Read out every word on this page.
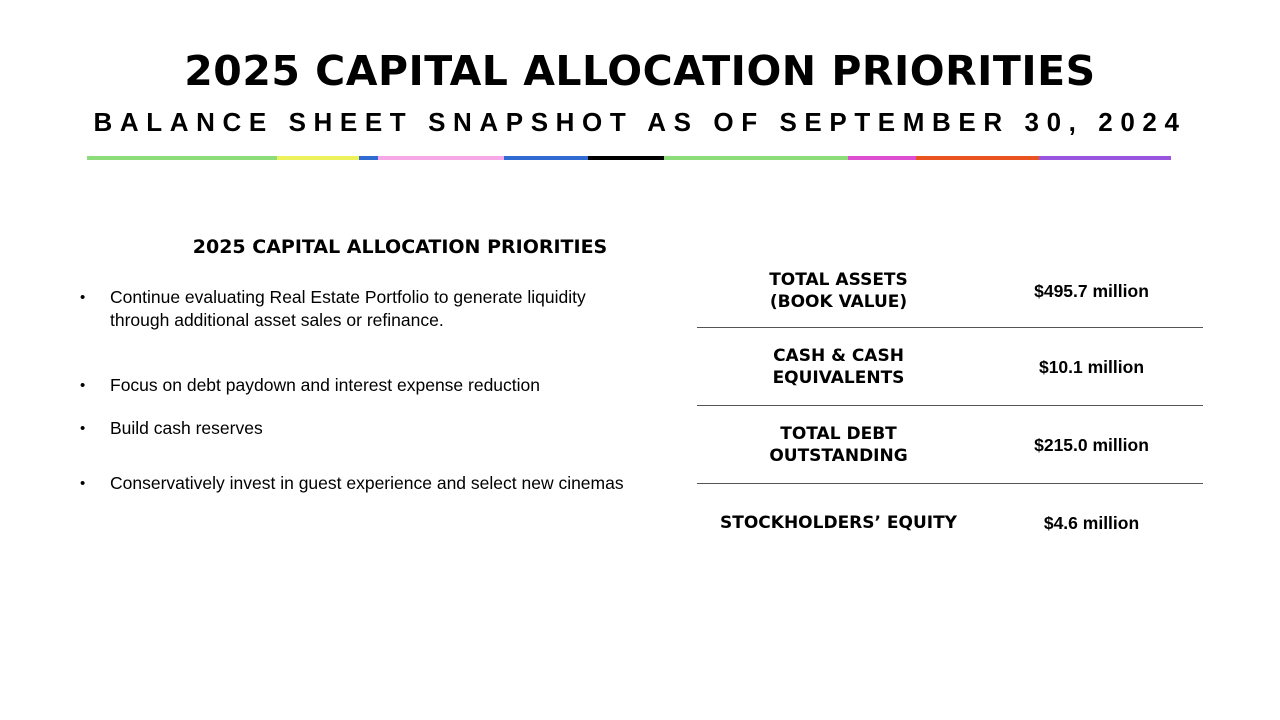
2025 CAPITAL ALLOCATION PRIORITIES
BALANCE SHEET SNAPSHOT AS OF SEPTEMBER 30, 2024
2025 CAPITAL ALLOCATION PRIORITIES
• Continue evaluating Real Estate Portfolio to generate liquidity
through additional asset sales or refinance.
• Focus on debt paydown and interest expense reduction
• Build cash reserves
• Conservatively invest in guest experience and select new cinemas
TOTAL ASSETS
(BOOK VALUE)
$495.7 million
CASH & CASH
EQUIVALENTS
$10.1 million
TOTAL DEBT
OUTSTANDING
$215.0 million
STOCKHOLDERS’ EQUITY	$4.6 million
